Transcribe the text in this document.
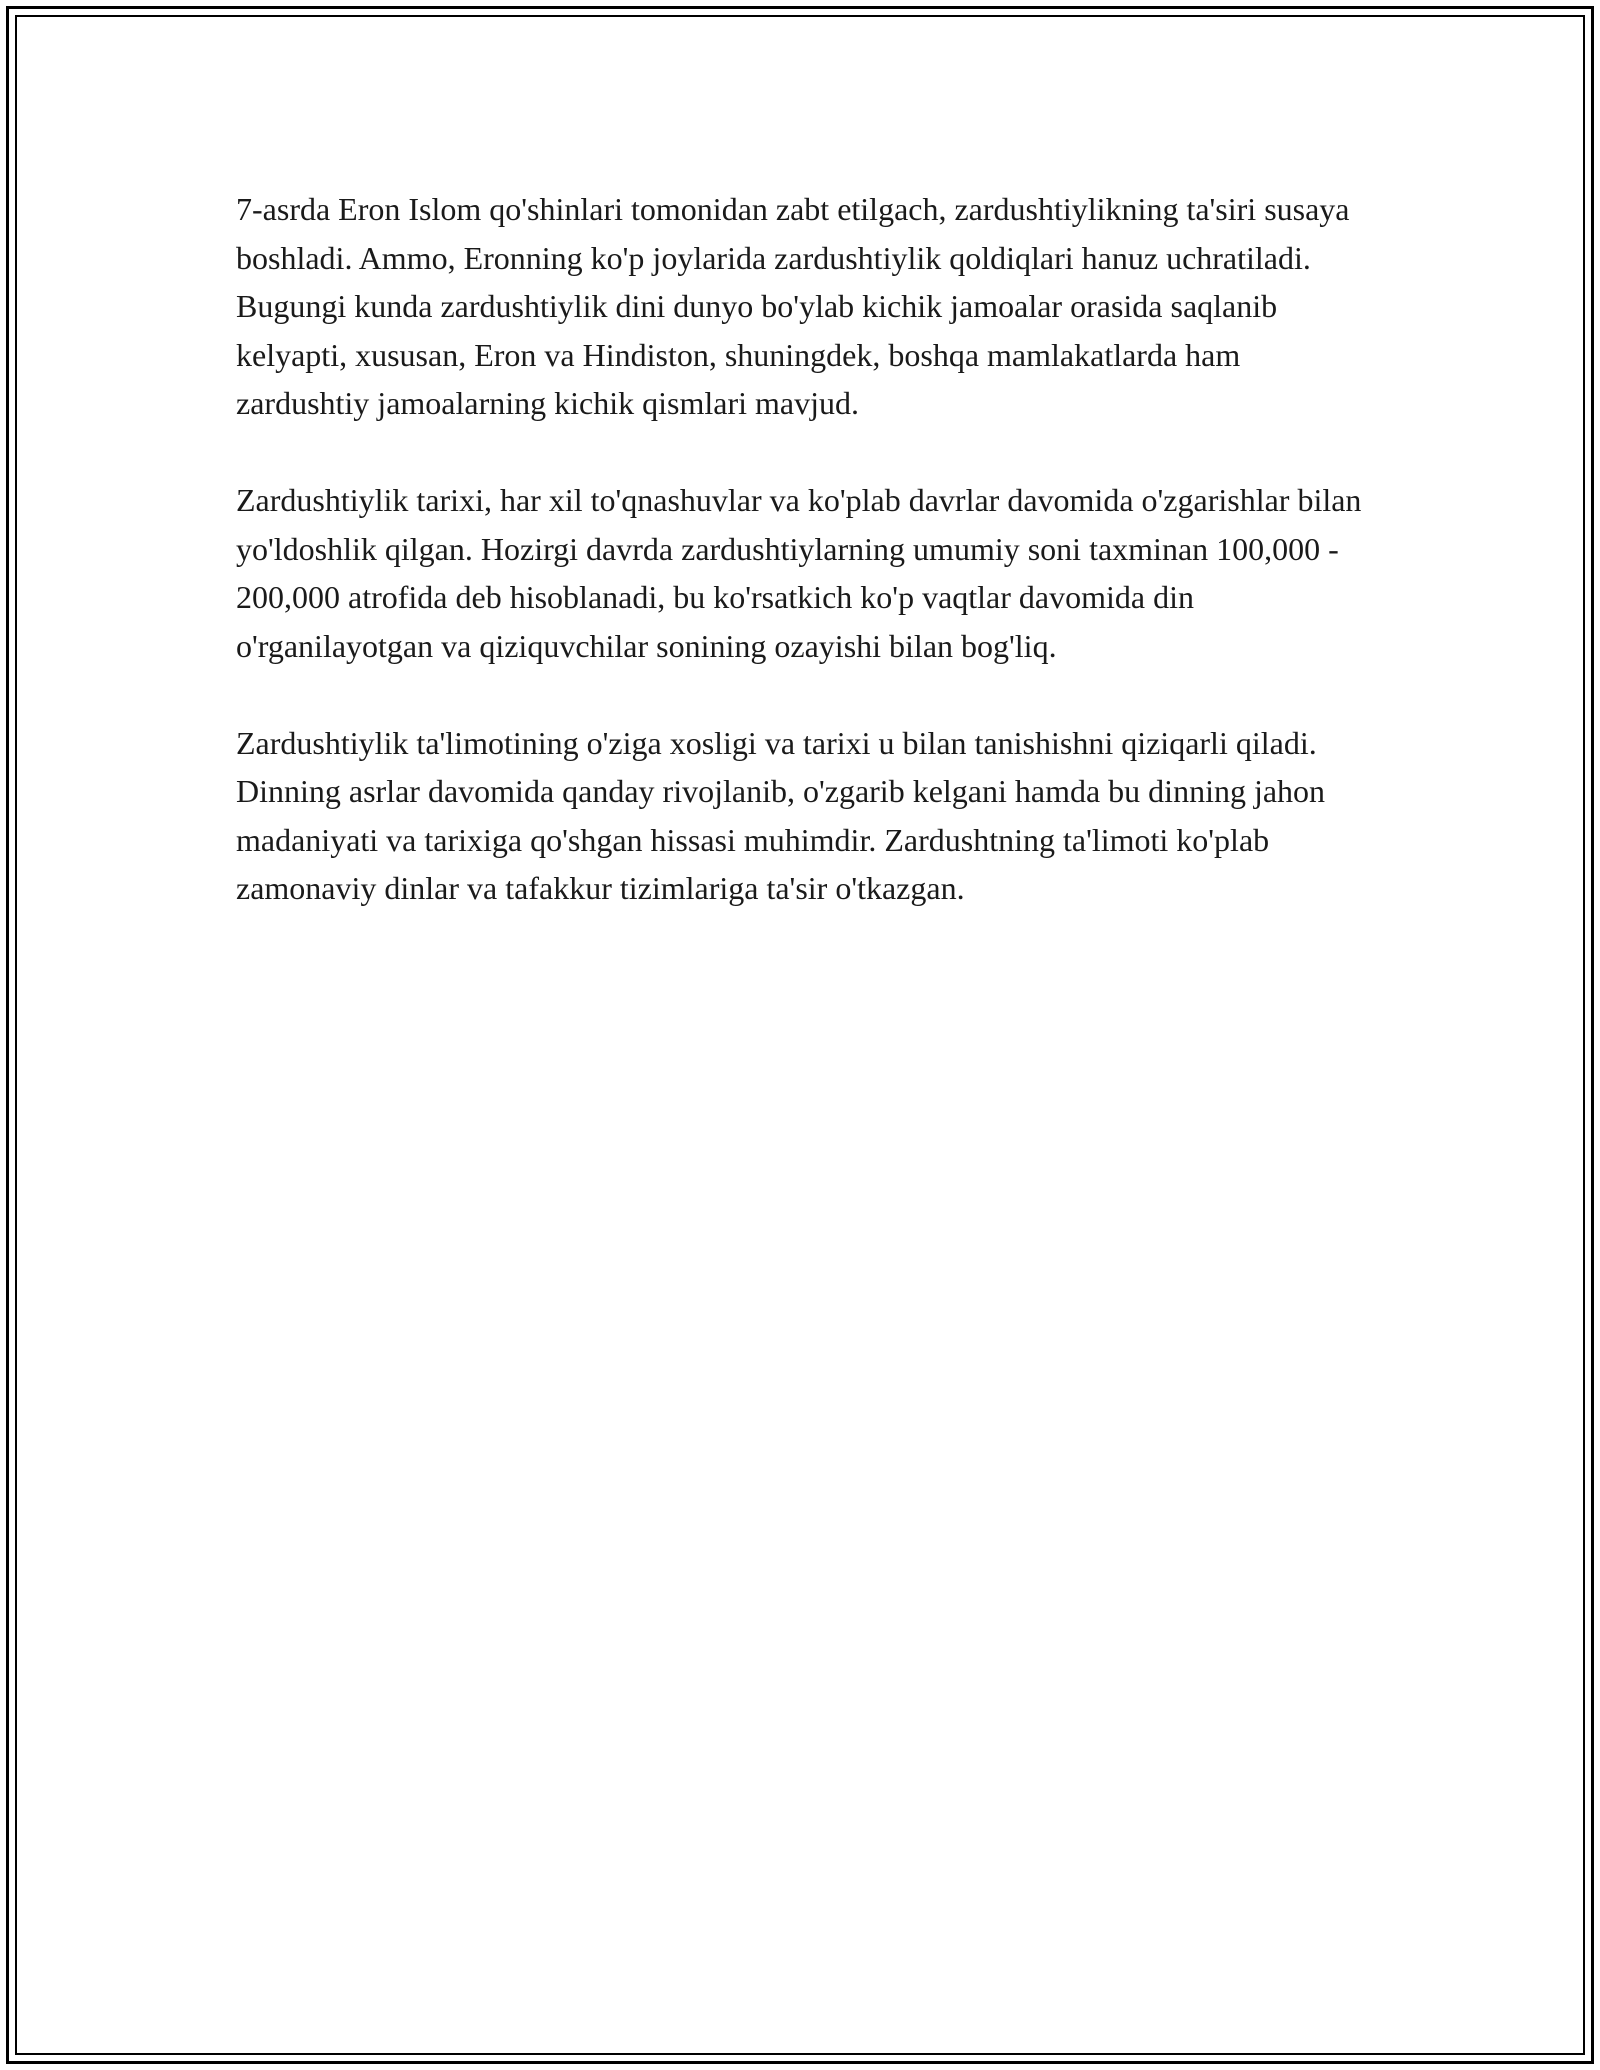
7-asrda Eron Islom qo'shinlari tomonidan zabt etilgach, zardushtiylikning ta'siri susaya boshladi. Ammo, Eronning ko'p joylarida zardushtiylik qoldiqlari hanuz uchratiladi. Bugungi kunda zardushtiylik dini dunyo bo'ylab kichik jamoalar orasida saqlanib kelyapti, xususan, Eron va Hindiston, shuningdek, boshqa mamlakatlarda ham zardushtiy jamoalarning kichik qismlari mavjud.

Zardushtiylik tarixi, har xil to'qnashuvlar va ko'plab davrlar davomida o'zgarishlar bilan yo'ldoshlik qilgan. Hozirgi davrda zardushtiylarning umumiy soni taxminan 100,000 - 200,000 atrofida deb hisoblanadi, bu ko'rsatkich ko'p vaqtlar davomida din o'rganilayotgan va qiziquvchilar sonining ozayishi bilan bog'liq.

Zardushtiylik ta'limotining o'ziga xosligi va tarixi u bilan tanishishni qiziqarli qiladi. Dinning asrlar davomida qanday rivojlanib, o'zgarib kelgani hamda bu dinning jahon madaniyati va tarixiga qo'shgan hissasi muhimdir. Zardushtning ta'limoti ko'plab zamonaviy dinlar va tafakkur tizimlariga ta'sir o'tkazgan.
